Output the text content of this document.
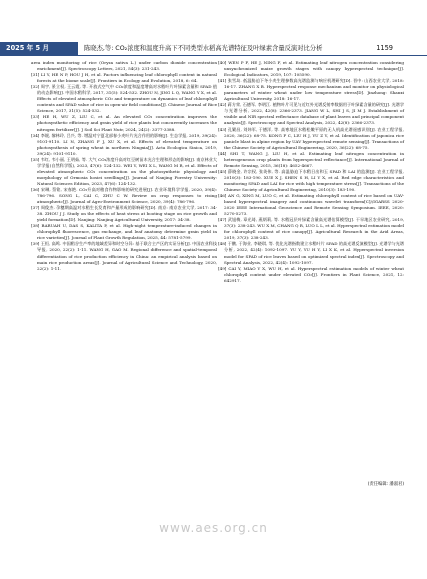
2025 年 5 月	陈晓杰,等: CO₂浓度和温度升高下不同类型水稻高光谱特征及叶绿素含量反演对比分析	1159
area index monitoring of rice (Oryza sativa L.) under carbon dioxide concentration enrichment[J]. Spectroscopy Letters, 2021, 54(3): 231-243.
[31] LI Y, HE N P, HOU J H, et al. Factors influencing leaf chlorophyll content in natural forests at the biome scale[J]. Frontiers in Ecology and Evolution, 2018, 6: 64.
[32] 周宇, 景立权, 王云霞, 等. 开放式空气中 CO₂浓度和温度增高对水稻叶片叶绿素含量和 SPAD 值的动态影响[J]. 中国水稻科学, 2017, 31(5): 524-532. ZHOU N, JING L Q, WANG Y X, et al. Effects of elevated atmospheric CO₂ and temperature on dynamics of leaf chlorophyll contents and SPAD value of rice in open-air field conditions[J]. Chinese Journal of Rice Science, 2017, 31(5): 524-532.
[33] HE H, WU Z, LIU C, et al. An elevated CO₂ concentration improves the photosynthetic efficiency and grain yield of rice plants but concurrently increases the nitrogen fertilizer[J]. J Soil Sci Plant Nutr, 2024, 24(2): 3377-3388.
[34] 李媛, 黎林玲, 吕兴, 等. 增温对宁夏北部春小麦叶片光合作用的影响[J]. 生态学报, 2019, 39(24): 9101-9110. LI N, ZHANG F J, XU X, et al. Effects of elevated temperature on photosynthesis of spring wheat in northern Ningxia[J]. Acta Ecologica Sinica, 2019, 39(24): 9101-9110.
[35] 韦红, 韦小丽, 王明茹, 等. 大气 CO₂浓度升高对红豆树苗木光合生理和形态的影响[J]. 南京林业大学学报(自然科学版), 2023, 47(6): 124-132. WEI Y, WEI X L, WANG M R, et al. Effects of elevated atmospheric CO₂ concentration on the photosynthetic physiology and morphology of Ormosia hosiei seedlings[J]. Journal of Nanjing Forestry University: Natural Sciences Edition, 2023, 47(6): 124-132.
[36] 宋琳, 蔡铭, 宋春艳. CO₂升高对粮食作物影响的研究进展[J]. 农业环境科学学报, 2020, 39(4): 786-796. SONG L, CAI C, ZHU C W. Review on crop responses to rising atmospheric[J]. Journal of Agro-Environment Science, 2020, 39(4): 786-796.
[37] 周俊杰. 孕穗期高温对水稻生长发育和产量形成的影响研究[D]. 南京: 南京农业大学, 2017: 34-38. ZHOU J J. Study on the effects of heat stress at booting stage on rice growth and yield formation[D]. Nanjing: Nanjing Agricultural University, 2017: 34-38.
[38] BARUAH U, DAS S, KALITA P, et al. High-night temperature-induced changes in chlorophyll fluorescence, gas exchange, and leaf anatomy determine grain yield in rice varieties[J]. Journal of Plant Growth Regulation, 2025, 44: 5781-5799.
[39] 王恒, 高鸣. 中国稻谷生产率的地域差异和时空分异: 基于联合主产区的实证分析[J]. 中国农业科技导报, 2020, 22(2): 1-11. WANG H, GAO M. Regional difference and spatial-temporal differentiation of rice production efficiency in China: an empirical analysis based on main rice production areas[J]. Journal of Agricultural Science and Technology, 2020, 22(2): 1-11.
[40] WEN P F, HE J, NING F, et al. Estimating leaf nitrogen concentration considering unsynchronized maize growth stages with canopy hyperspectral technique[J]. Ecological Indicators, 2019, 107: 105590.
[41] 张雪岛. 低温胁迫下冬小麦生理参数高光谱监测与响应机理研究[D]. 晋中: 山西农业大学, 2018: 16-17. ZHANG X B. Hyperspectral response mechanism and monitor on physiological parameters of winter wheat under low temperature stress[D]. Jinzhong: Shanxi Agricultural University, 2018: 16-17.
[42] 蒋方荣, 石德军, 李明江. 植物叶片可见与近红外光谱反射率数据用于叶绿素含量的研究[J]. 光谱学与光谱分析, 2022, 42(8): 2366-2373. JIANG W L, SHI J S, JI M J. Establishment of visible and NIR spectral reflectance database of plant leaves and principal component analysis[J]. Spectroscopy and Spectral Analysis, 2022, 42(8): 2366-2373.
[43] 孔繁昌, 刘炜军, 于德洋, 等. 高寒地区水稻松嫩平原的无人机高光谱遥感识别[J]. 农业工程学报, 2020, 36(22): 68-75. KONG F C, LIU H J, YU Z Y, et al. Identification of japonica rice panicle blast in alpine region by UAV hyperspectral remote sensing[J]. Transactions of the Chinese Society of Agricultural Engineering, 2020, 36(22): 68-75.
[44] SHI T, WANG J, LIU H, et al. Estimating leaf nitrogen concentration in heterogeneous crop plants from hyperspectral reflectance[J]. International Journal of Remote Sensing, 2015, 36(18): 4652-4667.
[45] 薛晓金, 许宗权, 张英伟, 等. 高温胁迫下水稻日出和玉 SPAD 和 LAI 的监测[J]. 农业工程学报, 2010(3): 183-190. XUE X J, SHEN S H, LI Y X, et al. Red edge characteristics and monitoring SPAD and LAI for rice with high temperature stress[J]. Transactions of the Chinese Society of Agricultural Engineering, 2010(3): 183-190.
[46] AN G, XING M, LUO C, et al. Estimating chlorophyll content of rice based on UAV-based hyperspectral imagery and continuous wavelet transform[C]//IGARSS 2020-2020 IEEE International Geoscience and Remote Sensing Symposium. IEEE, 2020: 5270-5273.
[47] 武旭梅, 章光琦, 燕炳莉, 等. 水稻冠层叶绿素含量高光谱估算模型[J]. 干旱地区农业研究, 2019, 37(3): 238-243. WU X M, CHANG Q R, LUO L L, et al. Hyperspectral estimation model for chlorophyll content of rice canopy[J]. Agricultural Research in the Arid Areas, 2019, 37(3): 238-243.
[48] 于鹏, 于海业, 李晓琪, 等. 优化光谱指数建立水稻叶片 SPAD 的高光谱反演模型[J]. 光谱学与光谱分析, 2022, 42(4): 1092-1097. YU Y, YU H Y, LI X K, et al. Hyperspectral inversion model for SPAD of rice leaves based on optimized spectral index[J]. Spectroscopy and Spectral Analysis, 2022, 42(4): 1092-1097.
[49] CAI Y, MIAO Y X, WU H, et al. Hyperspectral estimation models of winter wheat chlorophyll content under elevated CO₂[J]. Frontiers in Plant Science, 2021, 12: 642917.
(责任编辑: 潘淑君)
www.aes.org.cn
